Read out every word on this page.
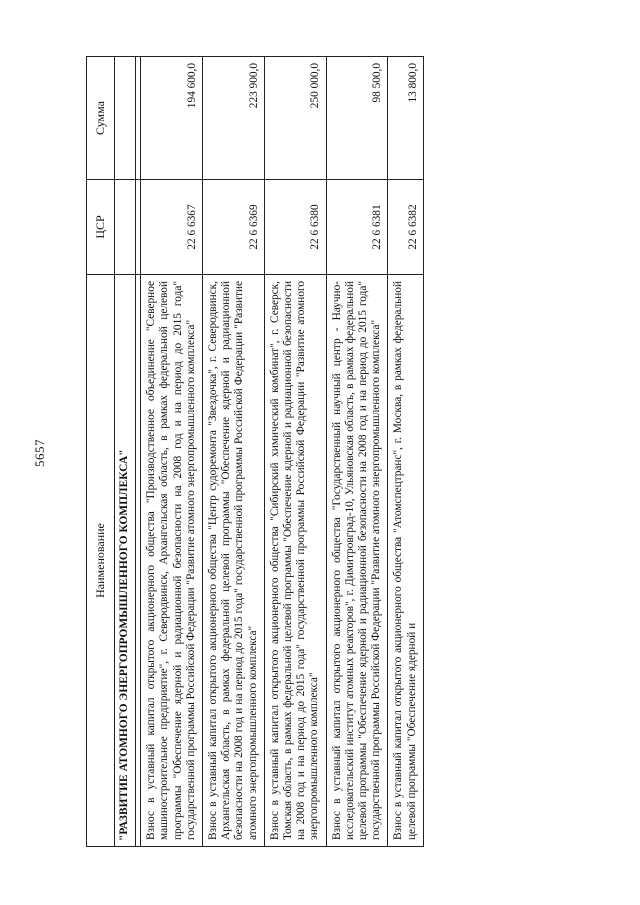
5657
Наименование	ЦСР	Сумма
"РАЗВИТИЕ АТОМНОГО ЭНЕРГОПРОМЫШЛЕННОГО КОМПЛЕКСА"		

Взнос в уставный капитал открытого акционерного общества "Производственное объединение "Северное машиностроительное предприятие", г. Северодвинск, Архангельская область, в рамках федеральной целевой программы "Обеспечение ядерной и радиационной безопасности на 2008 год и на период до 2015 года" государственной программы Российской Федерации "Развитие атомного энергопромышленного комплекса"	22 6 6367	194 600,0
Взнос в уставный капитал открытого акционерного общества "Центр судоремонта "Звездочка", г. Северодвинск, Архангельская область, в рамках федеральной целевой программы "Обеспечение ядерной и радиационной безопасности на 2008 год и на период до 2015 года" государственной программы Российской Федерации "Развитие атомного энергопромышленного комплекса"	22 6 6369	223 900,0
Взнос в уставный капитал открытого акционерного общества "Сибирский химический комбинат", г. Северск, Томская область, в рамках федеральной целевой программы "Обеспечение ядерной и радиационной безопасности на 2008 год и на период до 2015 года" государственной программы Российской Федерации "Развитие атомного энергопромышленного комплекса"	22 6 6380	250 000,0
Взнос в уставный капитал открытого акционерного общества "Государственный научный центр - Научно-исследовательский институт атомных реакторов", г. Димитровград-10, Ульяновская область, в рамках федеральной целевой программы "Обеспечение ядерной и радиационной безопасности на 2008 год и на период до 2015 года" государственной программы Российской Федерации "Развитие атомного энергопромышленного комплекса"	22 6 6381	98 500,0
Взнос в уставный капитал открытого акционерного общества "Атомспецтранс", г. Москва, в рамках федеральной целевой программы "Обеспечение ядерной и	22 6 6382	13 800,0
